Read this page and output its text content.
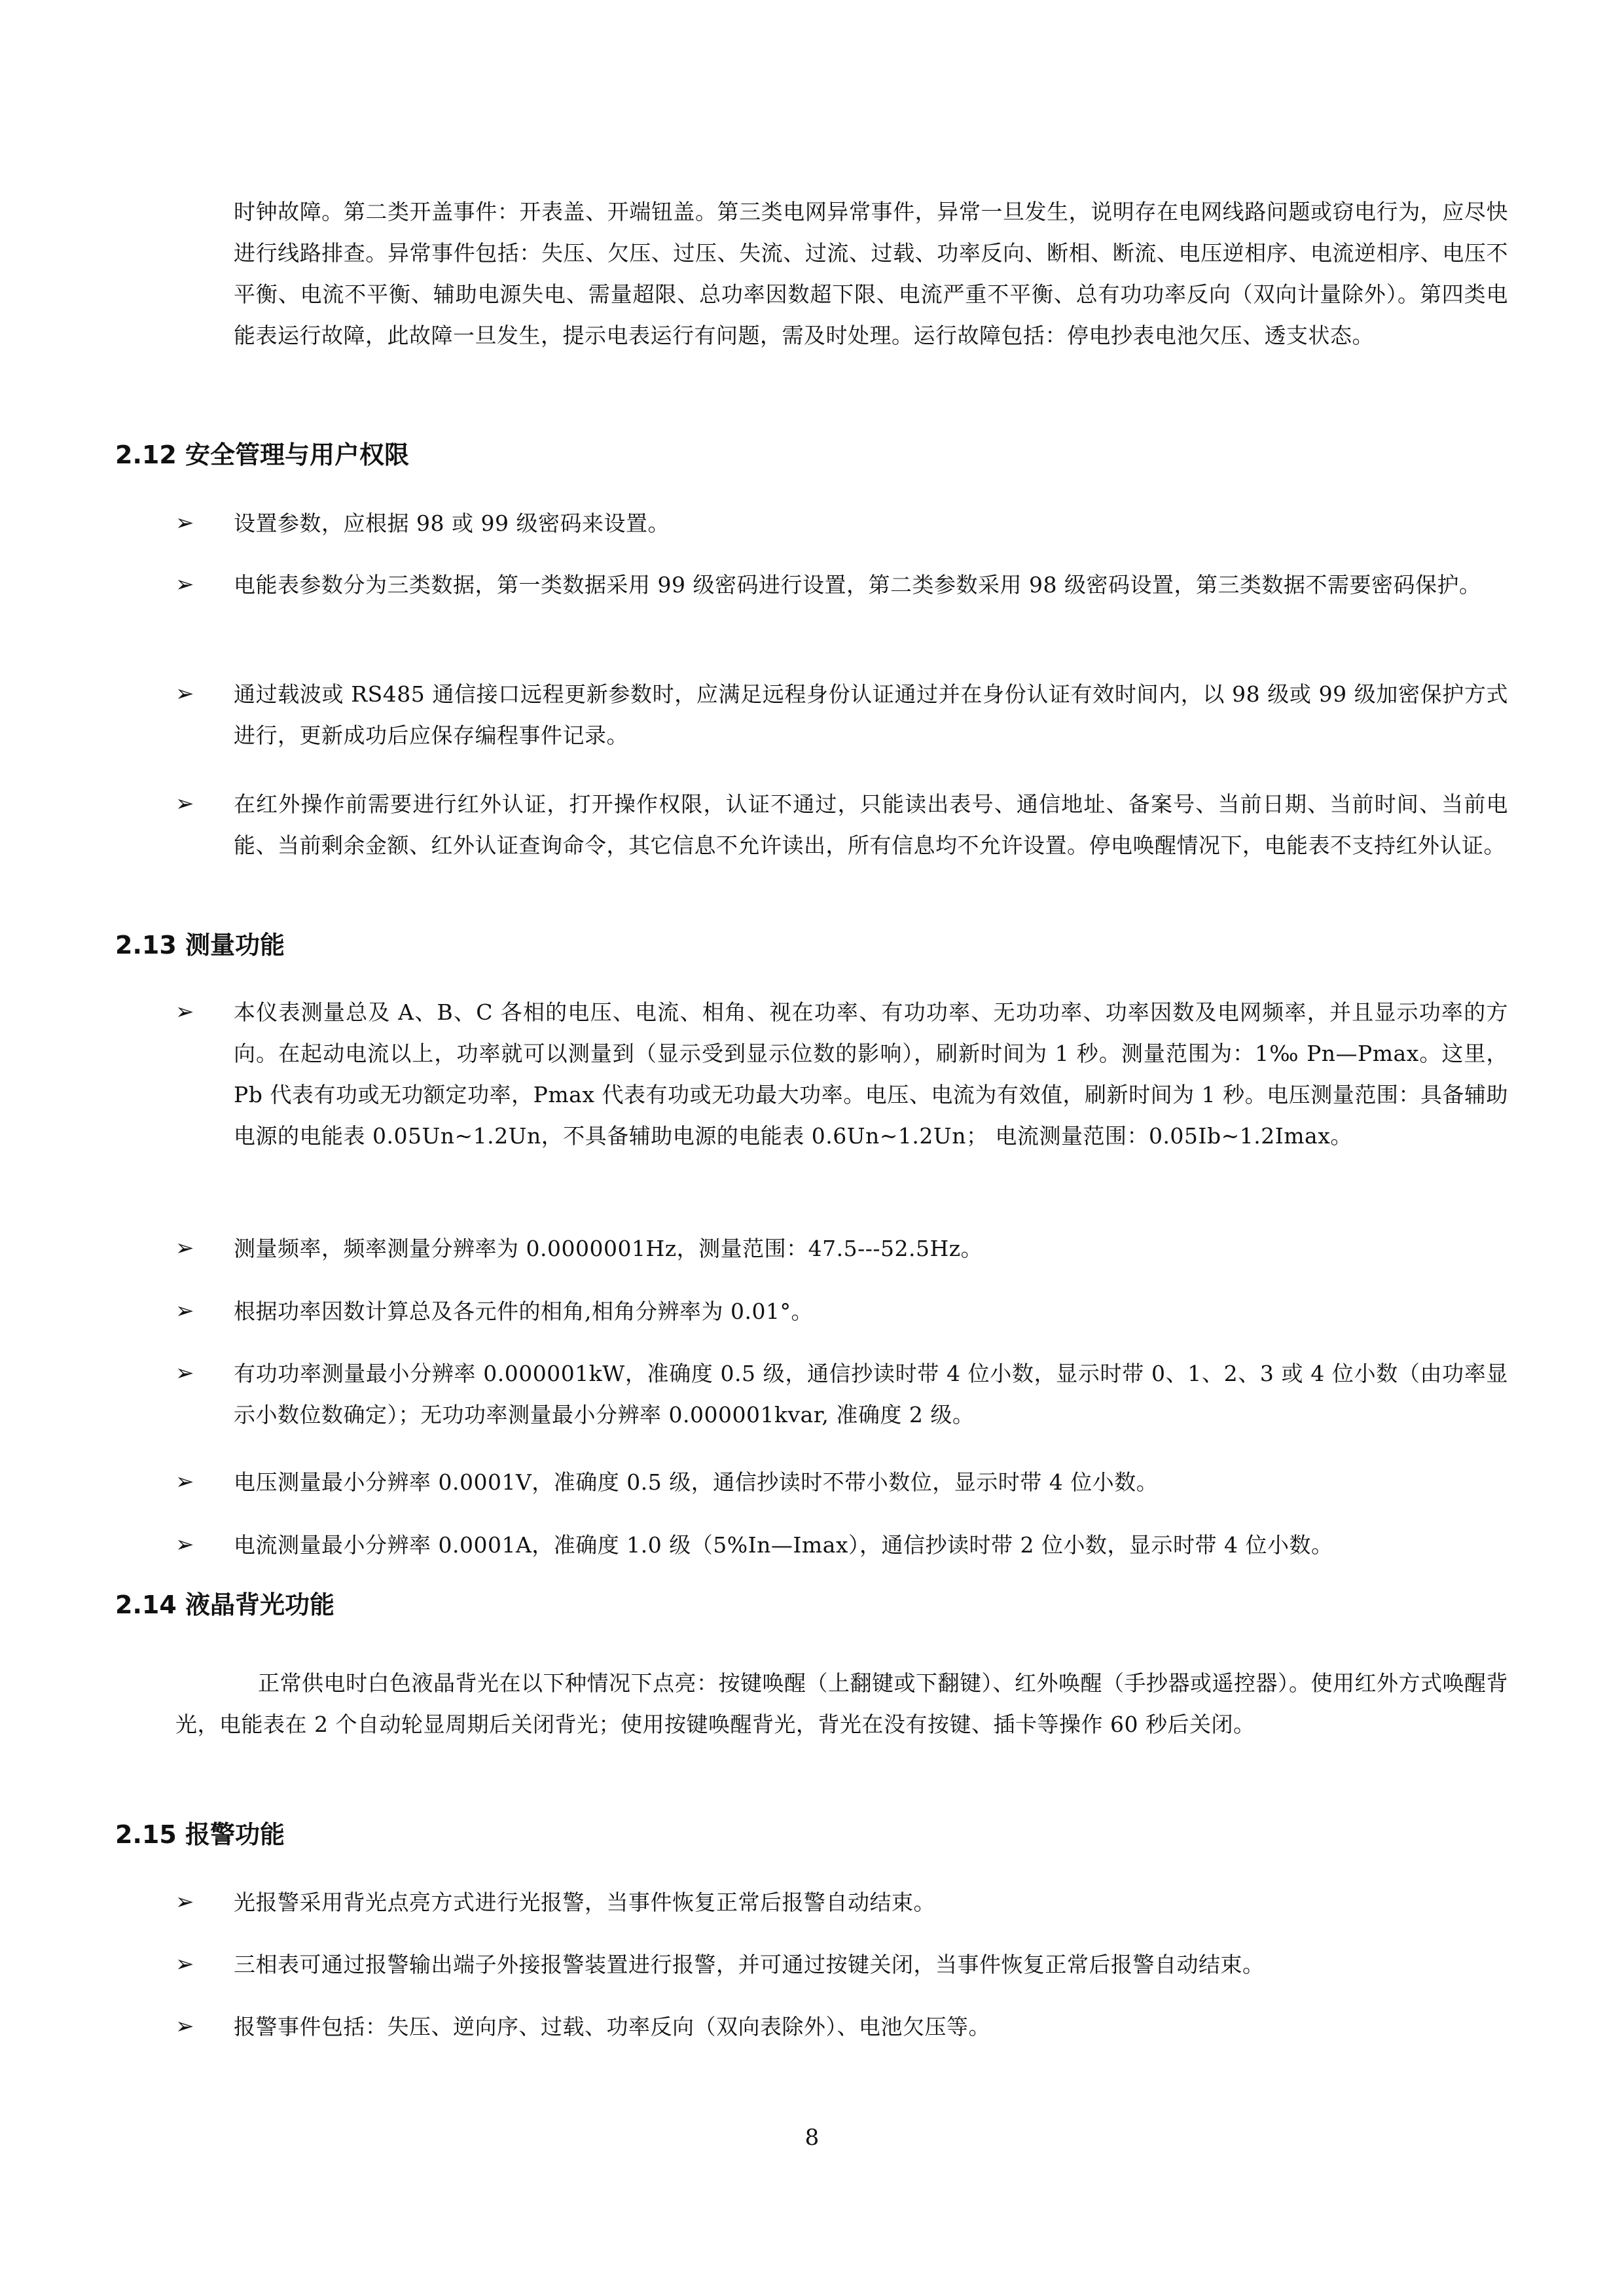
时钟故障。第二类开盖事件：开表盖、开端钮盖。第三类电网异常事件，异常一旦发生，说明存在电网线路问题或窃电行为，应尽快进行线路排查。异常事件包括：失压、欠压、过压、失流、过流、过载、功率反向、断相、断流、电压逆相序、电流逆相序、电压不平衡、电流不平衡、辅助电源失电、需量超限、总功率因数超下限、电流严重不平衡、总有功功率反向（双向计量除外）。第四类电能表运行故障，此故障一旦发生，提示电表运行有问题，需及时处理。运行故障包括：停电抄表电池欠压、透支状态。
2.12 安全管理与用户权限
➢	设置参数，应根据 98 或 99 级密码来设置。
➢	电能表参数分为三类数据，第一类数据采用 99 级密码进行设置，第二类参数采用 98 级密码设置，第三类数据不需要密码保护。
➢	通过载波或 RS485 通信接口远程更新参数时，应满足远程身份认证通过并在身份认证有效时间内，以 98 级或 99 级加密保护方式进行，更新成功后应保存编程事件记录。
➢	在红外操作前需要进行红外认证，打开操作权限，认证不通过，只能读出表号、通信地址、备案号、当前日期、当前时间、当前电能、当前剩余金额、红外认证查询命令，其它信息不允许读出，所有信息均不允许设置。停电唤醒情况下，电能表不支持红外认证。
2.13 测量功能
➢	本仪表测量总及 A、B、C 各相的电压、电流、相角、视在功率、有功功率、无功功率、功率因数及电网频率，并且显示功率的方向。在起动电流以上，功率就可以测量到（显示受到显示位数的影响），刷新时间为 1 秒。测量范围为：1‰ Pn—Pmax。这里，Pb 代表有功或无功额定功率，Pmax 代表有功或无功最大功率。电压、电流为有效值，刷新时间为 1 秒。电压测量范围：具备辅助电源的电能表 0.05Un~1.2Un，不具备辅助电源的电能表 0.6Un~1.2Un； 电流测量范围：0.05Ib~1.2Imax。
➢	测量频率，频率测量分辨率为 0.0000001Hz，测量范围：47.5---52.5Hz。
➢	根据功率因数计算总及各元件的相角,相角分辨率为 0.01°。
➢	有功功率测量最小分辨率 0.000001kW，准确度 0.5 级，通信抄读时带 4 位小数，显示时带 0、1、2、3 或 4 位小数（由功率显示小数位数确定）；无功功率测量最小分辨率 0.000001kvar, 准确度 2 级。
➢	电压测量最小分辨率 0.0001V，准确度 0.5 级，通信抄读时不带小数位，显示时带 4 位小数。
➢	电流测量最小分辨率 0.0001A，准确度 1.0 级（5%In—Imax），通信抄读时带 2 位小数，显示时带 4 位小数。
2.14 液晶背光功能
正常供电时白色液晶背光在以下种情况下点亮：按键唤醒（上翻键或下翻键）、红外唤醒（手抄器或遥控器）。使用红外方式唤醒背光，电能表在 2 个自动轮显周期后关闭背光；使用按键唤醒背光，背光在没有按键、插卡等操作 60 秒后关闭。
2.15 报警功能
➢	光报警采用背光点亮方式进行光报警，当事件恢复正常后报警自动结束。
➢	三相表可通过报警输出端子外接报警装置进行报警，并可通过按键关闭，当事件恢复正常后报警自动结束。
➢	报警事件包括：失压、逆向序、过载、功率反向（双向表除外）、电池欠压等。
8
